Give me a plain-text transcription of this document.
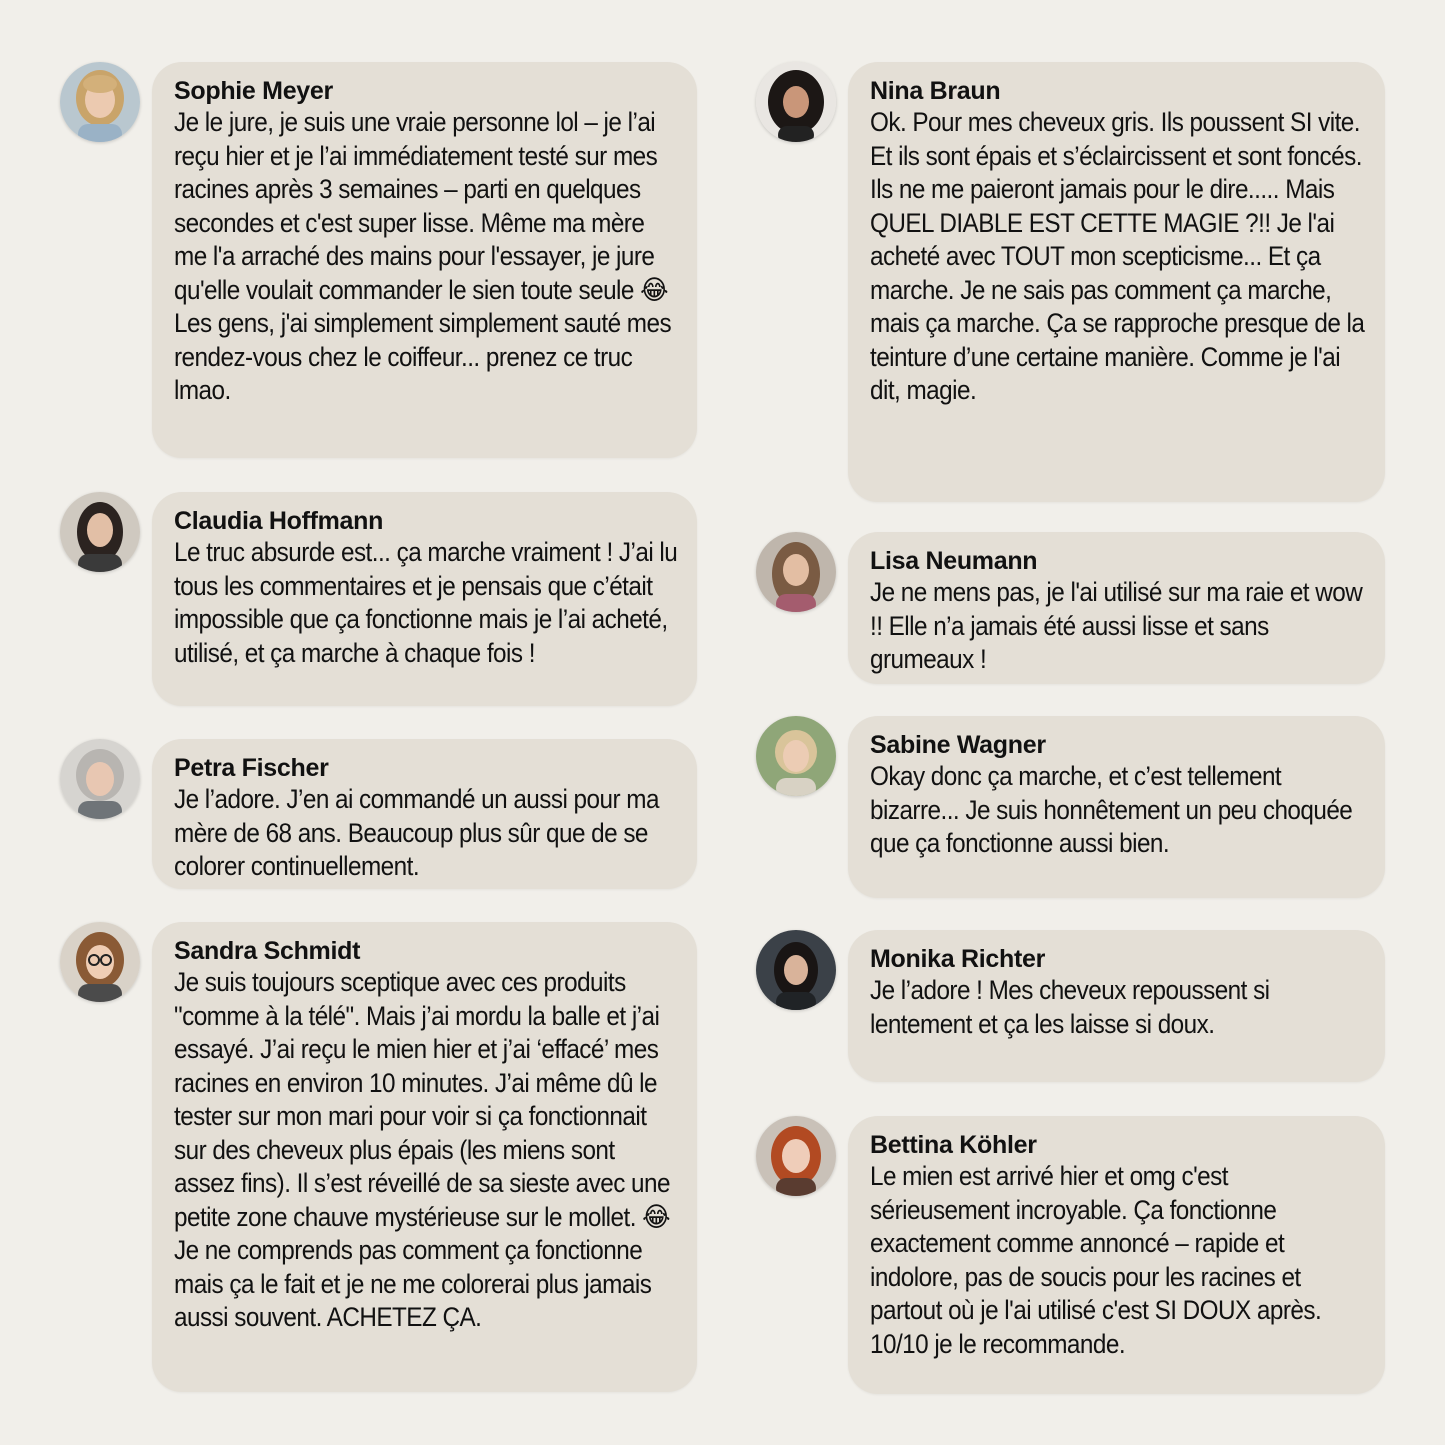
Sophie Meyer
Je le jure, je suis une vraie personne lol – je l’ai reçu hier et je l’ai immédiatement testé sur mes racines après 3 semaines – parti en quelques secondes et c'est super lisse. Même ma mère me l'a arraché des mains pour l'essayer, je jure qu'elle voulait commander le sien toute seule 😂 Les gens, j'ai simplement simplement sauté mes rendez-vous chez le coiffeur... prenez ce truc lmao.
Claudia Hoffmann
Le truc absurde est... ça marche vraiment ! J’ai lu tous les commentaires et je pensais que c’était impossible que ça fonctionne mais je l’ai acheté, utilisé, et ça marche à chaque fois !
Petra Fischer
Je l’adore. J’en ai commandé un aussi pour ma mère de 68 ans. Beaucoup plus sûr que de se colorer continuellement.
Sandra Schmidt
Je suis toujours sceptique avec ces produits "comme à la télé". Mais j’ai mordu la balle et j’ai essayé. J’ai reçu le mien hier et j’ai ‘effacé’ mes racines en environ 10 minutes. J’ai même dû le tester sur mon mari pour voir si ça fonctionnait sur des cheveux plus épais (les miens sont assez fins). Il s’est réveillé de sa sieste avec une petite zone chauve mystérieuse sur le mollet. 😂 Je ne comprends pas comment ça fonctionne mais ça le fait et je ne me colorerai plus jamais aussi souvent. ACHETEZ ÇA.
Nina Braun
Ok. Pour mes cheveux gris. Ils poussent SI vite. Et ils sont épais et s’éclaircissent et sont foncés. Ils ne me paieront jamais pour le dire..... Mais QUEL DIABLE EST CETTE MAGIE ?!! Je l'ai acheté avec TOUT mon scepticisme... Et ça marche. Je ne sais pas comment ça marche, mais ça marche. Ça se rapproche presque de la teinture d’une certaine manière. Comme je l'ai dit, magie.
Lisa Neumann
Je ne mens pas, je l'ai utilisé sur ma raie et wow !! Elle n’a jamais été aussi lisse et sans grumeaux !
Sabine Wagner
Okay donc ça marche, et c’est tellement bizarre... Je suis honnêtement un peu choquée que ça fonctionne aussi bien.
Monika Richter
Je l’adore ! Mes cheveux repoussent si lentement et ça les laisse si doux.
Bettina Köhler
Le mien est arrivé hier et omg c'est sérieusement incroyable. Ça fonctionne exactement comme annoncé – rapide et indolore, pas de soucis pour les racines et partout où je l'ai utilisé c'est SI DOUX après. 10/10 je le recommande.
